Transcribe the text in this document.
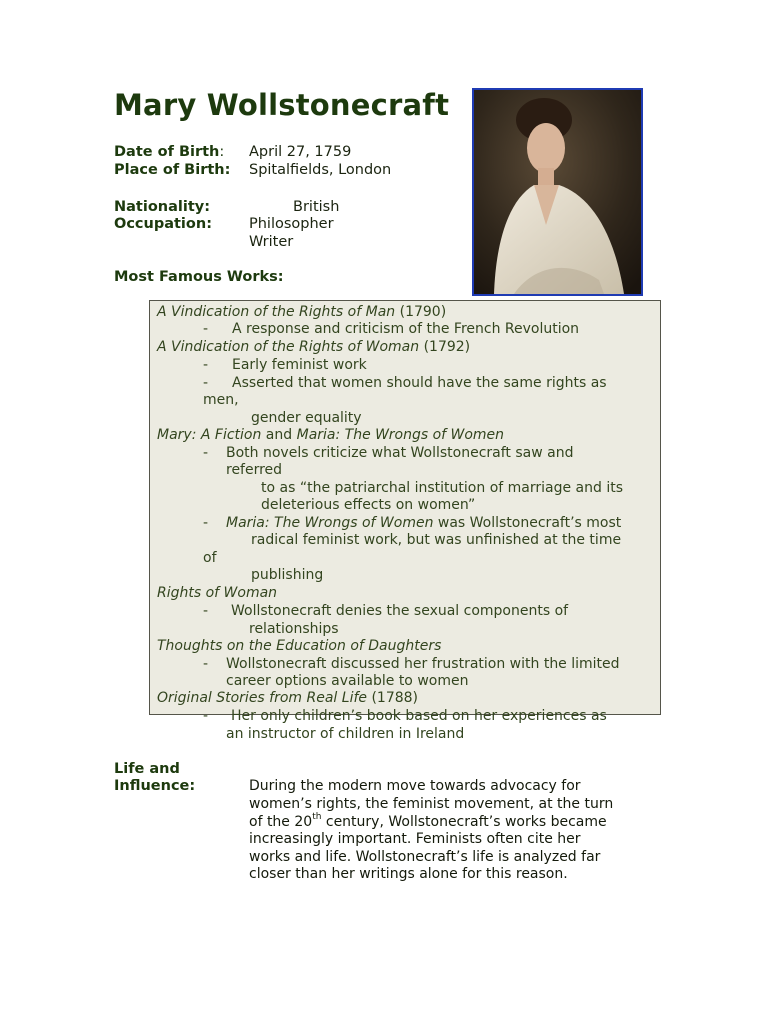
Mary Wollstonecraft
Date of Birth: April 27, 1759
Place of Birth: Spitalfields, London
Nationality:	British
Occupation:	Philosopher
Writer
Most Famous Works:
A Vindication of the Rights of Man (1790)
- A response and criticism of the French Revolution
A Vindication of the Rights of Woman (1792)
- Early feminist work
- Asserted that women should have the same rights as
men,
gender equality
Mary: A Fiction and Maria: The Wrongs of Women
- Both novels criticize what Wollstonecraft saw and
referred
to as “the patriarchal institution of marriage and its
deleterious effects on women”
- Maria: The Wrongs of Women was Wollstonecraft’s most
radical feminist work, but was unfinished at the time
of
publishing
Rights of Woman
- Wollstonecraft denies the sexual components of
relationships
Thoughts on the Education of Daughters
- Wollstonecraft discussed her frustration with the limited
career options available to women
Original Stories from Real Life (1788)
- Her only children’s book based on her experiences as
an instructor of children in Ireland
Life and
Influence:	During the modern move towards advocacy for
women’s rights, the feminist movement, at the turn
of the 20th century, Wollstonecraft’s works became
increasingly important. Feminists often cite her
works and life. Wollstonecraft’s life is analyzed far
closer than her writings alone for this reason.
